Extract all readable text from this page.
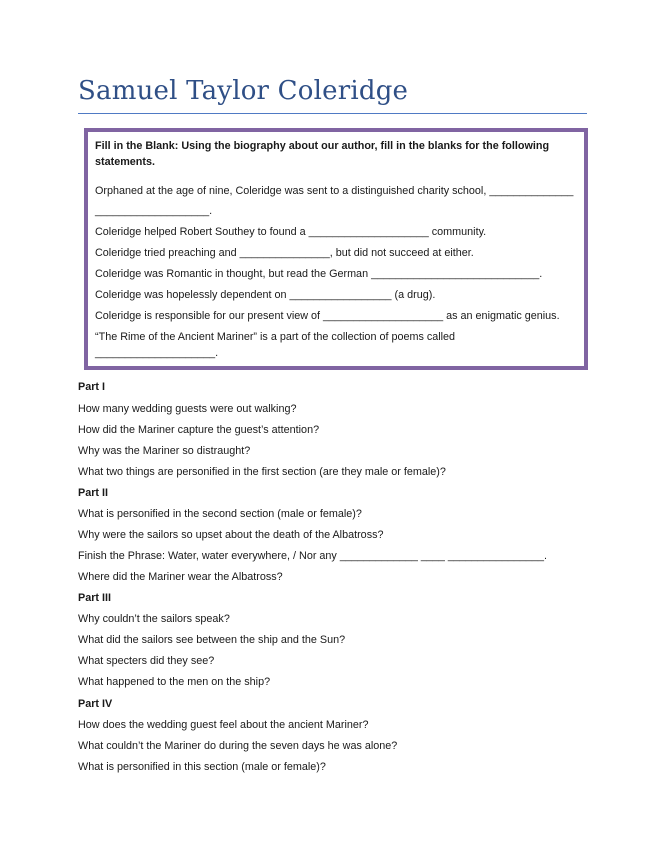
Samuel Taylor Coleridge
Fill in the Blank: Using the biography about our author, fill in the blanks for the following
statements.
Orphaned at the age of nine, Coleridge was sent to a distinguished charity school, ______________
___________________.
Coleridge helped Robert Southey to found a ____________________ community.
Coleridge tried preaching and _______________, but did not succeed at either.
Coleridge was Romantic in thought, but read the German ____________________________.
Coleridge was hopelessly dependent on _________________ (a drug).
Coleridge is responsible for our present view of ____________________ as an enigmatic genius.
“The Rime of the Ancient Mariner” is a part of the collection of poems called
____________________.
Part I
How many wedding guests were out walking?
How did the Mariner capture the guest’s attention?
Why was the Mariner so distraught?
What two things are personified in the first section (are they male or female)?
Part II
What is personified in the second section (male or female)?
Why were the sailors so upset about the death of the Albatross?
Finish the Phrase: Water, water everywhere, / Nor any _____________ ____ ________________.
Where did the Mariner wear the Albatross?
Part III
Why couldn’t the sailors speak?
What did the sailors see between the ship and the Sun?
What specters did they see?
What happened to the men on the ship?
Part IV
How does the wedding guest feel about the ancient Mariner?
What couldn’t the Mariner do during the seven days he was alone?
What is personified in this section (male or female)?
